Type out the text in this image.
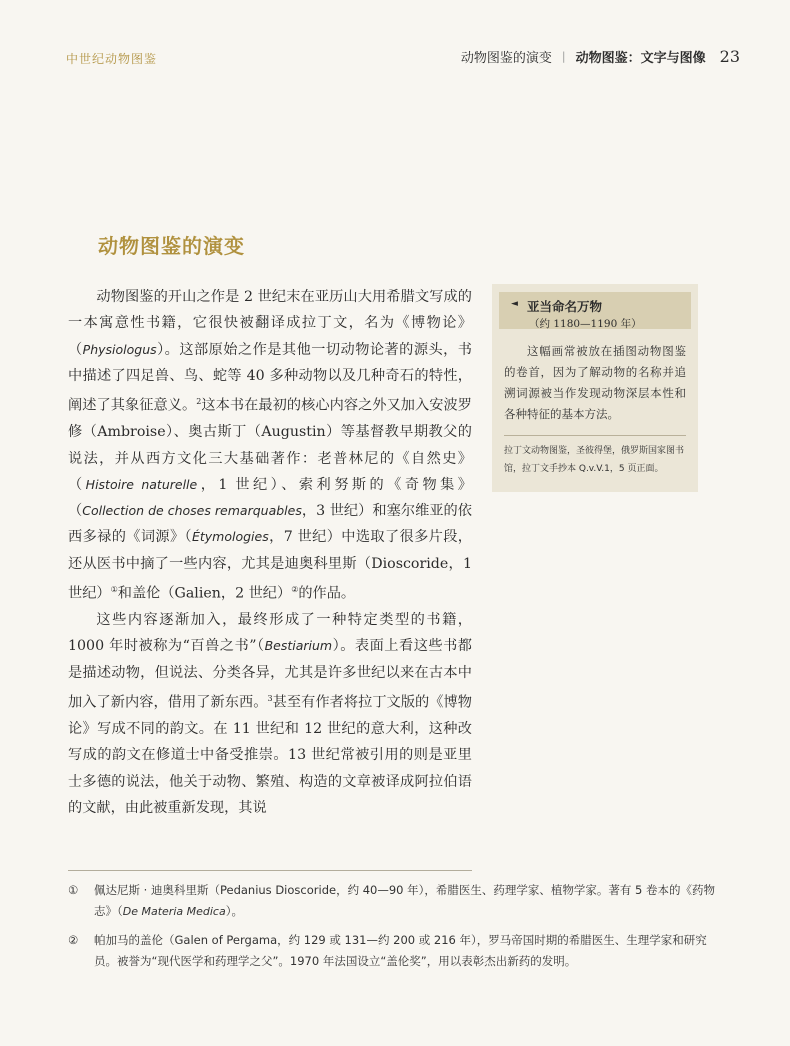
中世纪动物图鉴	动物图鉴的演变 | 动物图鉴：文字与图像 23
动物图鉴的演变

动物图鉴的开山之作是 2 世纪末在亚历山大用希腊文写成的一本寓意性书籍，它很快被翻译成拉丁文，名为《博物论》（Physiologus）。这部原始之作是其他一切动物论著的源头，书中描述了四足兽、鸟、蛇等 40 多种动物以及几种奇石的特性，阐述了其象征意义。$^2$这本书在最初的核心内容之外又加入安波罗修（Ambroise）、奥古斯丁（Augustin）等基督教早期教父的说法，并从西方文化三大基础著作：老普林尼的《自然史》（Histoire naturelle，1 世纪）、索利努斯的《奇物集》（Collection de choses remarquables，3 世纪）和塞尔维亚的依西多禄的《词源》（Étymologies，7 世纪）中选取了很多片段，还从医书中摘了一些内容，尤其是迪奥科里斯（Dioscoride，1 世纪）①和盖伦（Galien，2 世纪）②的作品。

这些内容逐渐加入，最终形成了一种特定类型的书籍，1000 年时被称为“百兽之书”（Bestiarium）。表面上看这些书都是描述动物，但说法、分类各异，尤其是许多世纪以来在古本中加入了新内容，借用了新东西。$^3$甚至有作者将拉丁文版的《博物论》写成不同的韵文。在 11 世纪和 12 世纪的意大利，这种改写成的韵文在修道士中备受推崇。13 世纪常被引用的则是亚里士多德的说法，他关于动物、繁殖、构造的文章被译成阿拉伯语的文献，由此被重新发现，其说

◄ 亚当命名万物
（约 1180—1190 年）
这幅画常被放在插图动物图鉴的卷首，因为了解动物的名称并追溯词源被当作发现动物深层本性和各种特征的基本方法。
拉丁文动物图鉴，圣彼得堡，俄罗斯国家图书馆，拉丁文手抄本 Q.v.V.1，5 页正面。
① 佩达尼斯 · 迪奥科里斯（Pedanius Dioscoride，约 40—90 年），希腊医生、药理学家、植物学家。著有 5 卷本的《药物志》（De Materia Medica）。
② 帕加马的盖伦（Galen of Pergama，约 129 或 131—约 200 或 216 年），罗马帝国时期的希腊医生、生理学家和研究员。被誉为“现代医学和药理学之父”。1970 年法国设立“盖伦奖”，用以表彰杰出新药的发明。
